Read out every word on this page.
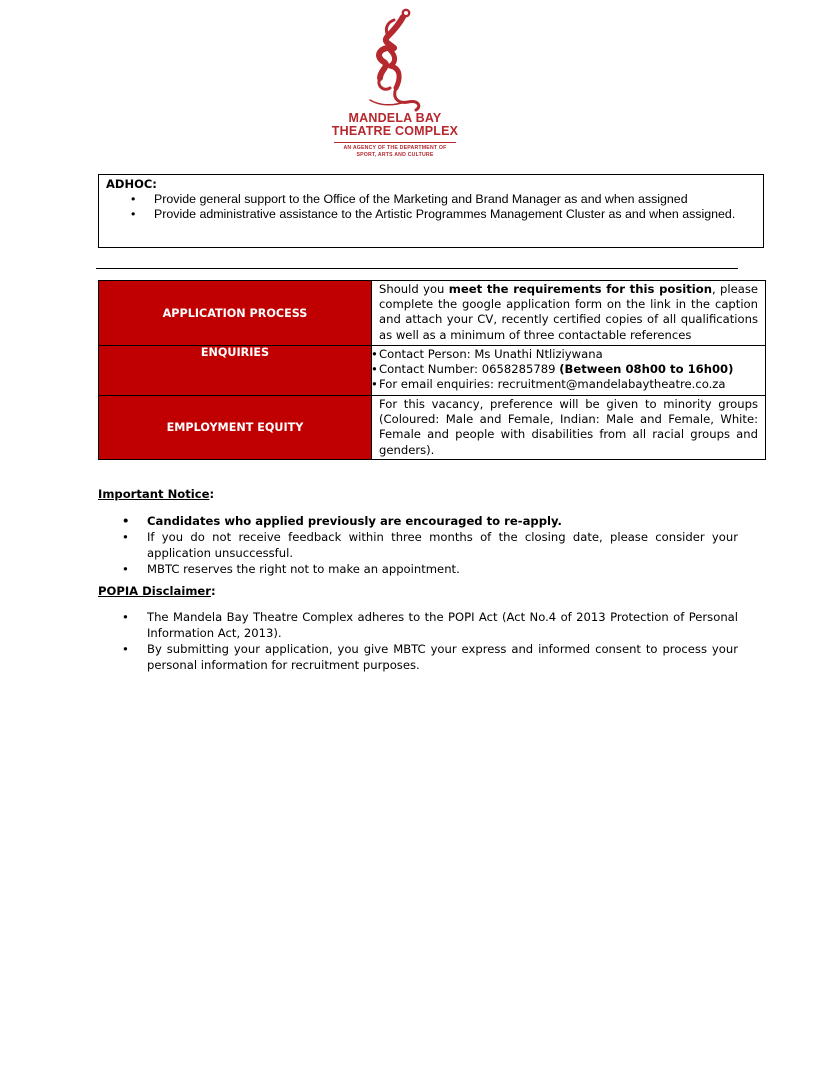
MANDELA BAY
THEATRE COMPLEX
AN AGENCY OF THE DEPARTMENT OF
SPORT, ARTS AND CULTURE
ADHOC:
• Provide general support to the Office of the Marketing and Brand Manager as and when assigned
• Provide administrative assistance to the Artistic Programmes Management Cluster as and when assigned.
APPLICATION PROCESS	Should you meet the requirements for this position, please complete the google application form on the link in the caption and attach your CV, recently certified copies of all qualifications as well as a minimum of three contactable references
ENQUIRIES	• Contact Person: Ms Unathi Ntliziywana
• Contact Number: 0658285789 (Between 08h00 to 16h00)
• For email enquiries: recruitment@mandelabaytheatre.co.za

EMPLOYMENT EQUITY	For this vacancy, preference will be given to minority groups (Coloured: Male and Female, Indian: Male and Female, White: Female and people with disabilities from all racial groups and genders).
Important Notice:
• Candidates who applied previously are encouraged to re-apply.
• If you do not receive feedback within three months of the closing date, please consider your application unsuccessful.
• MBTC reserves the right not to make an appointment.
POPIA Disclaimer:
• The Mandela Bay Theatre Complex adheres to the POPI Act (Act No.4 of 2013 Protection of Personal Information Act, 2013).
• By submitting your application, you give MBTC your express and informed consent to process your personal information for recruitment purposes.
